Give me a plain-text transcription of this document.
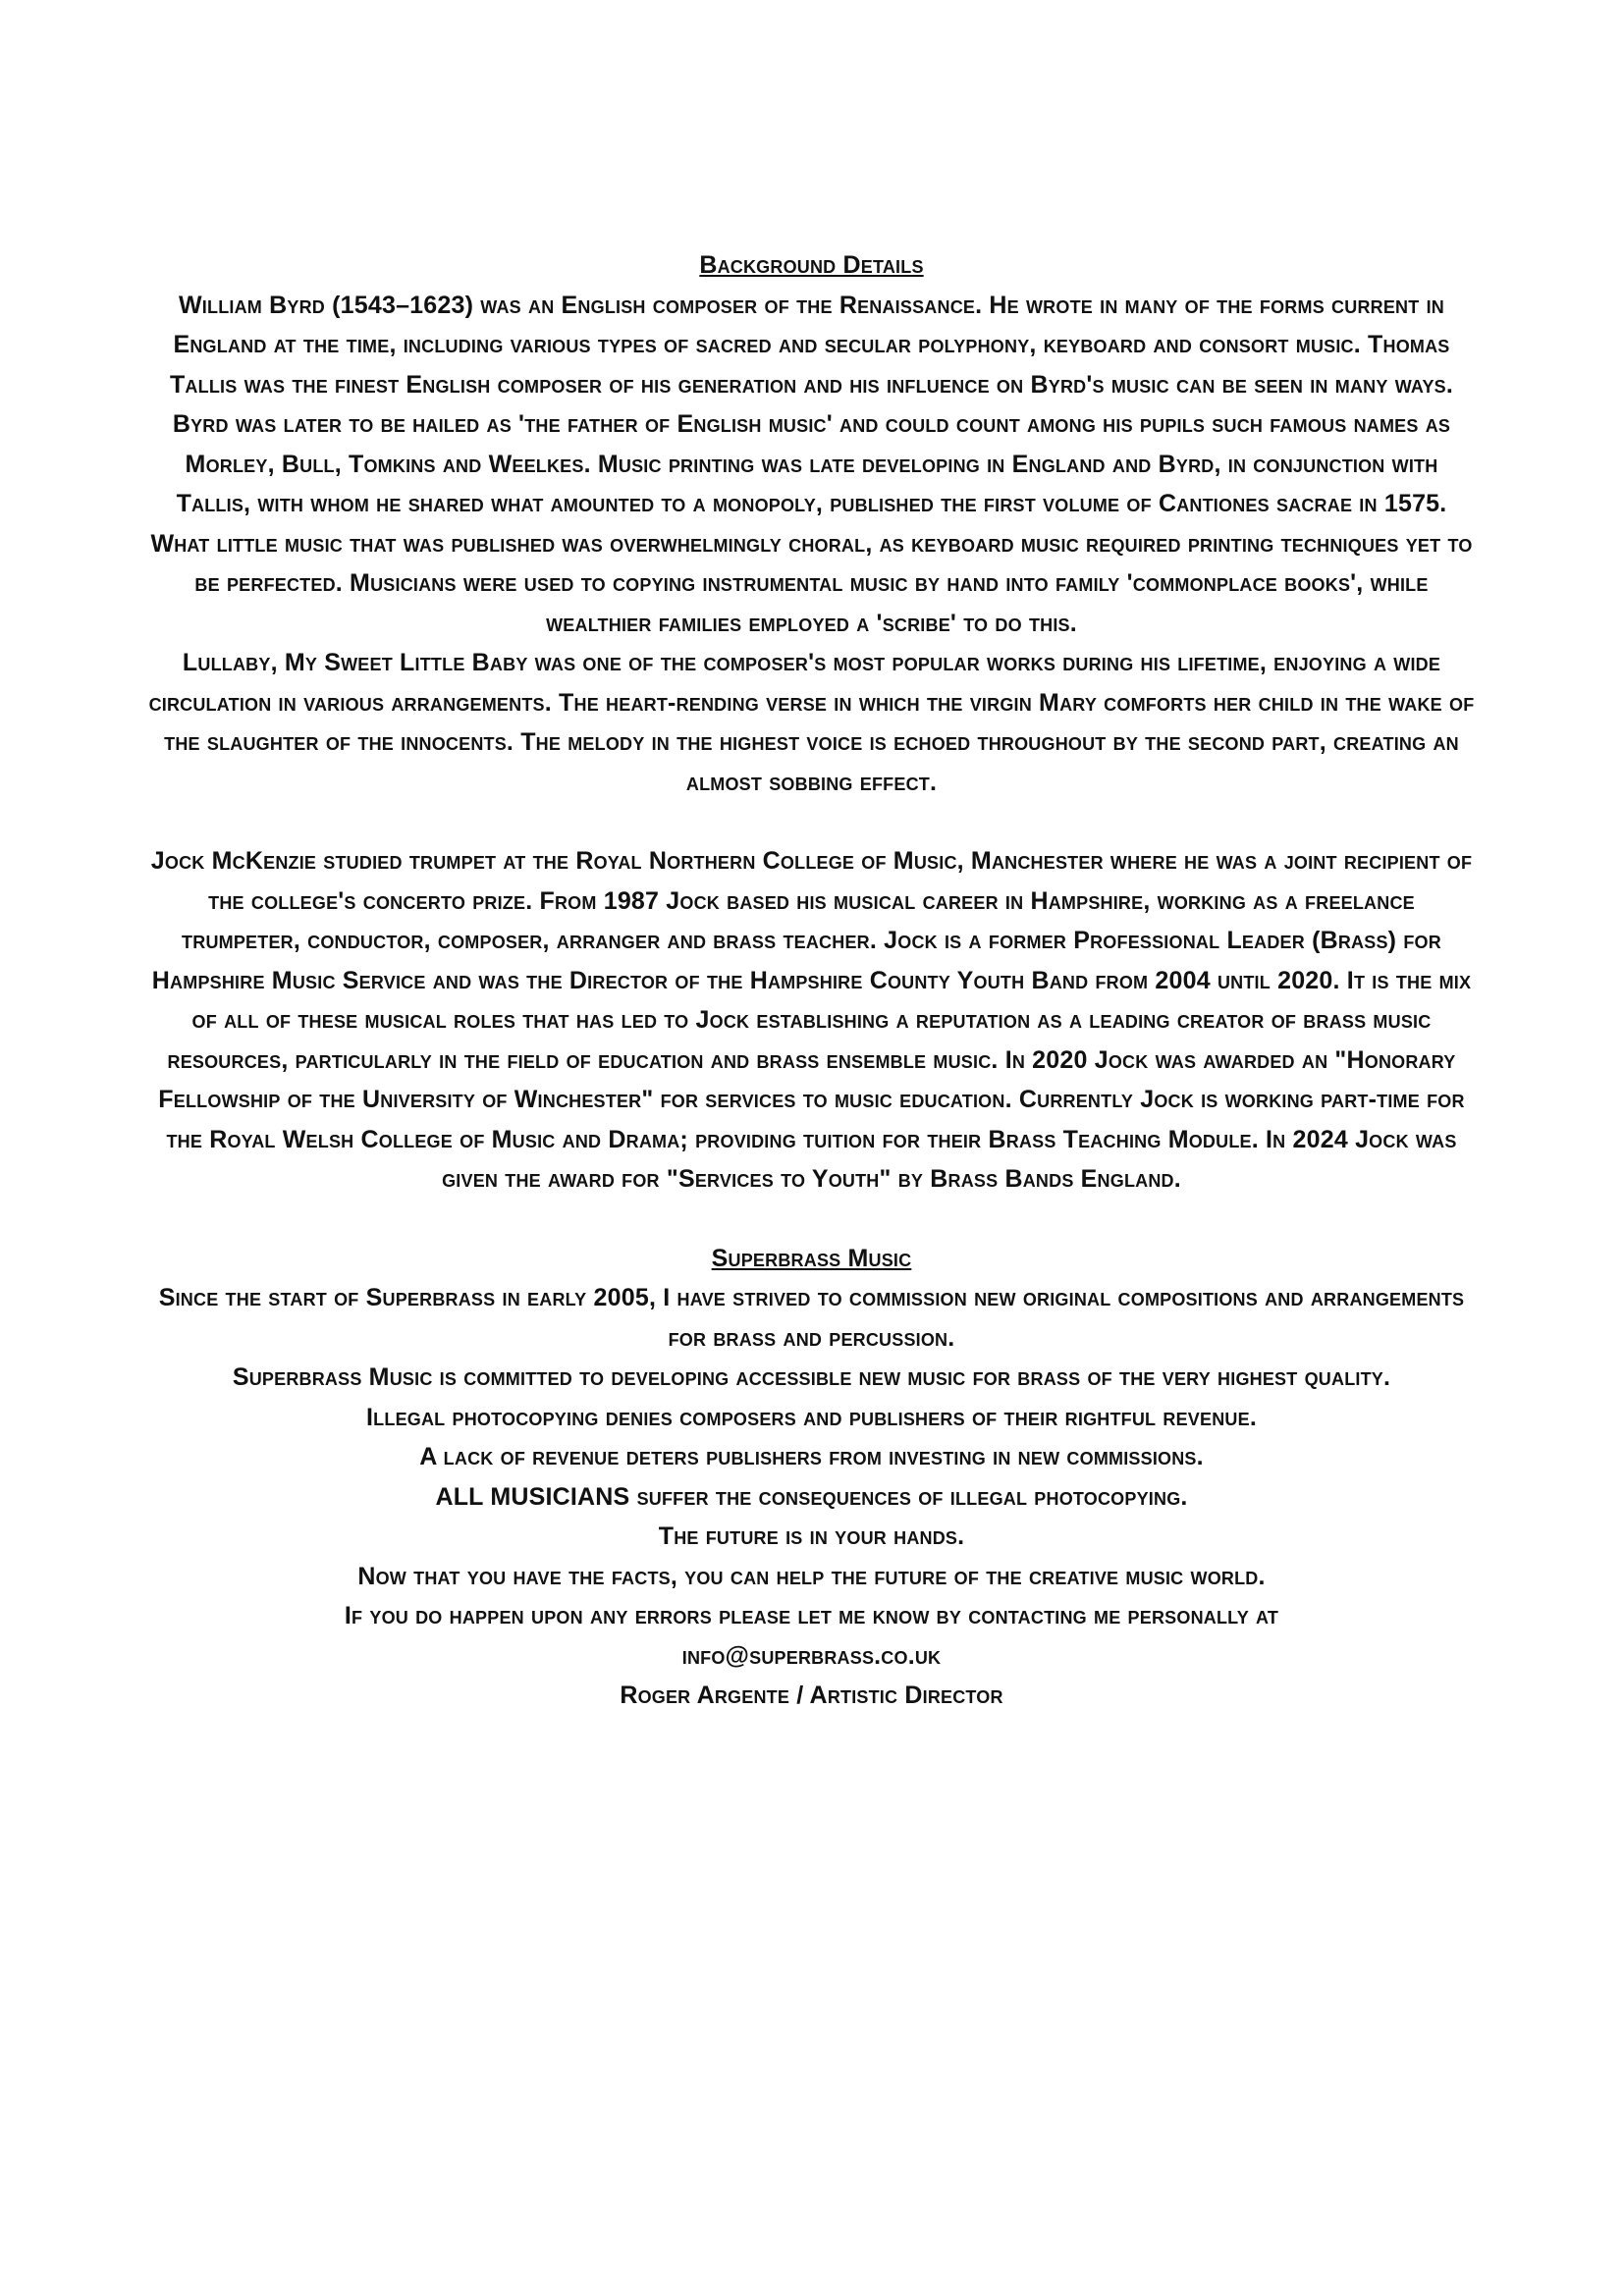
Background Details

William Byrd (1543–1623) was an English composer of the Renaissance. He wrote in many of the forms current in England at the time, including various types of sacred and secular polyphony, keyboard and consort music. Thomas Tallis was the finest English composer of his generation and his influence on Byrd's music can be seen in many ways. Byrd was later to be hailed as 'the father of English music' and could count among his pupils such famous names as Morley, Bull, Tomkins and Weelkes. Music printing was late developing in England and Byrd, in conjunction with Tallis, with whom he shared what amounted to a monopoly, published the first volume of Cantiones sacrae in 1575. What little music that was published was overwhelmingly choral, as keyboard music required printing techniques yet to be perfected. Musicians were used to copying instrumental music by hand into family 'commonplace books', while wealthier families employed a 'scribe' to do this.

Lullaby, My Sweet Little Baby was one of the composer's most popular works during his lifetime, enjoying a wide circulation in various arrangements. The heart-rending verse in which the virgin Mary comforts her child in the wake of the slaughter of the innocents. The melody in the highest voice is echoed throughout by the second part, creating an almost sobbing effect.

Jock McKenzie studied trumpet at the Royal Northern College of Music, Manchester where he was a joint recipient of the college's concerto prize. From 1987 Jock based his musical career in Hampshire, working as a freelance trumpeter, conductor, composer, arranger and brass teacher. Jock is a former Professional Leader (Brass) for Hampshire Music Service and was the Director of the Hampshire County Youth Band from 2004 until 2020. It is the mix of all of these musical roles that has led to Jock establishing a reputation as a leading creator of brass music resources, particularly in the field of education and brass ensemble music. In 2020 Jock was awarded an "Honorary Fellowship of the University of Winchester" for services to music education. Currently Jock is working part-time for the Royal Welsh College of Music and Drama; providing tuition for their Brass Teaching Module. In 2024 Jock was given the award for "Services to Youth" by Brass Bands England.

Superbrass Music

Since the start of Superbrass in early 2005, I have strived to commission new original compositions and arrangements for brass and percussion.

Superbrass Music is committed to developing accessible new music for brass of the very highest quality.

Illegal photocopying denies composers and publishers of their rightful revenue.

A lack of revenue deters publishers from investing in new commissions.

ALL MUSICIANS suffer the consequences of illegal photocopying.

The future is in your hands.

Now that you have the facts, you can help the future of the creative music world.

If you do happen upon any errors please let me know by contacting me personally at

info@superbrass.co.uk

Roger Argente / Artistic Director
